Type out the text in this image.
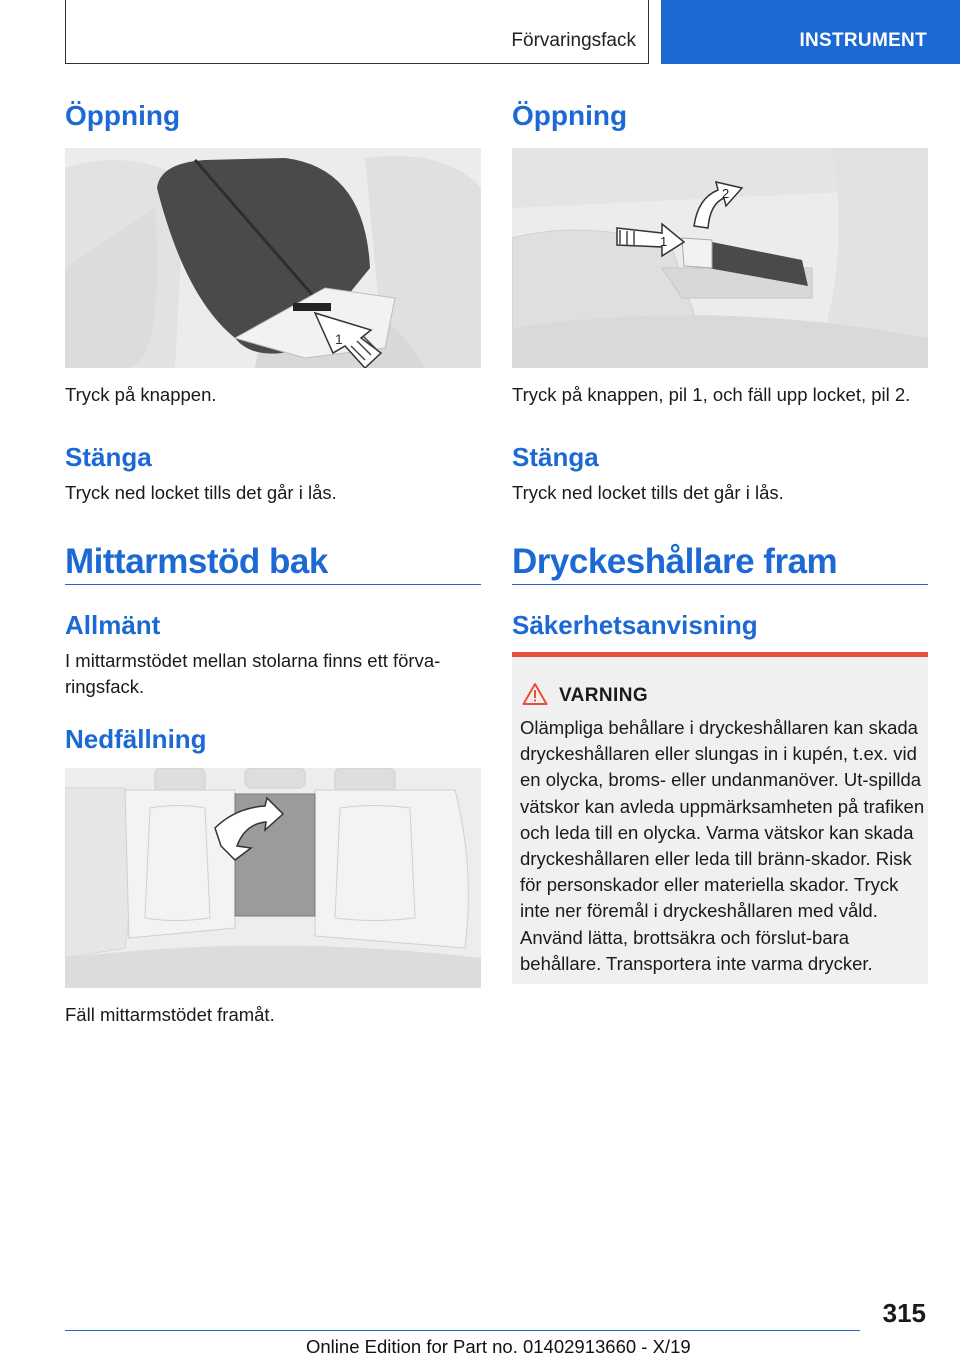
Förvaringsfack	INSTRUMENT
Öppning
1

Tryck på knappen.

Stänga

Tryck ned locket tills det går i lås.

Mittarmstöd bak
Allmänt

I mittarmstödet mellan stolarna finns ett förva‐ringsfack.

Nedfällning

Fäll mittarmstödet framåt.

Öppning
1
2

Tryck på knappen, pil 1, och fäll upp locket, pil 2.

Stänga

Tryck ned locket tills det går i lås.

Dryckeshållare fram
Säkerhetsanvisning
VARNING

Olämpliga behållare i dryckeshållaren kan skada dryckeshållaren eller slungas in i kupén, t.ex. vid en olycka, broms- eller undanmanöver. Ut‐spillda vätskor kan avleda uppmärksamheten på trafiken och leda till en olycka. Varma vätskor kan skada dryckeshållaren eller leda till bränn‐skador. Risk för personskador eller materiella skador. Tryck inte ner föremål i dryckeshållaren med våld. Använd lätta, brottsäkra och förslut‐bara behållare. Transportera inte varma drycker.

315
Online Edition for Part no. 01402913660 - X/19
